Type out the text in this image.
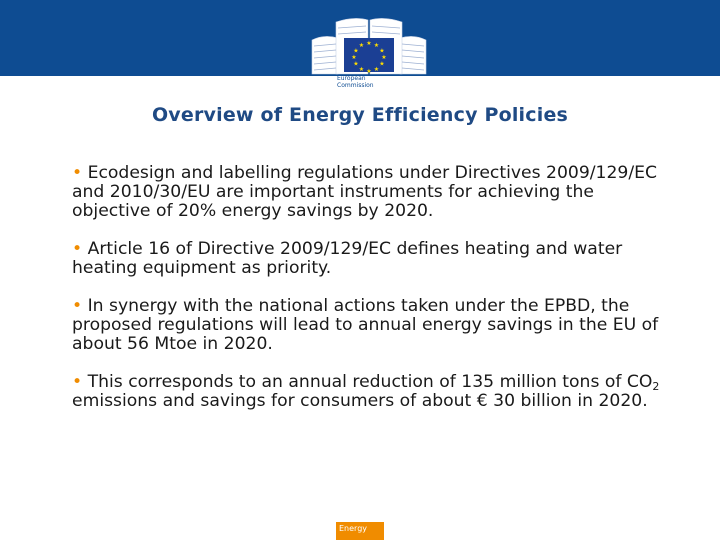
★ ★
★
★
★
★
★
★
★
★
★
★
European
Commission
Overview of Energy Efficiency Policies
• Ecodesign and labelling regulations under Directives 2009/129/EC and 2010/30/EU are important instruments for achieving the objective of 20% energy savings by 2020.
• Article 16 of Directive 2009/129/EC defines heating and water heating equipment as priority.
• In synergy with the national actions taken under the EPBD, the proposed regulations will lead to annual energy savings in the EU of about 56 Mtoe in 2020.
• This corresponds to an annual reduction of 135 million tons of $CO_2$ emissions and savings for consumers of about € 30 billion in 2020.
Energy
